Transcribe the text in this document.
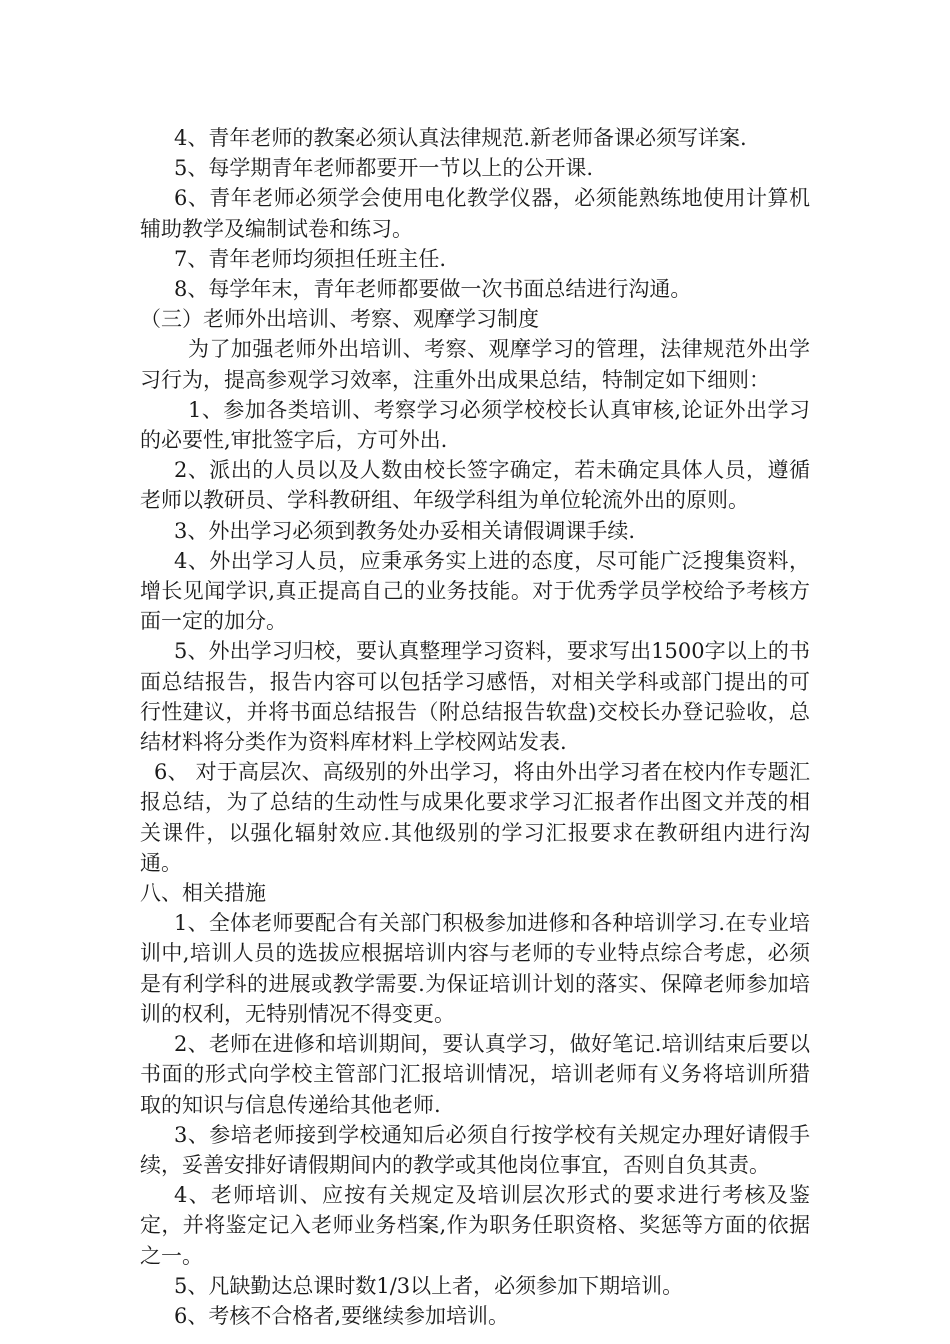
4、青年老师的教案必须认真法律规范.新老师备课必须写详案.

5、每学期青年老师都要开一节以上的公开课.

6、青年老师必须学会使用电化教学仪器，必须能熟练地使用计算机辅助教学及编制试卷和练习。

7、青年老师均须担任班主任.

8、每学年末，青年老师都要做一次书面总结进行沟通。

（三）老师外出培训、考察、观摩学习制度

为了加强老师外出培训、考察、观摩学习的管理，法律规范外出学习行为，提高参观学习效率，注重外出成果总结，特制定如下细则：

1、参加各类培训、考察学习必须学校校长认真审核,论证外出学习的必要性,审批签字后，方可外出.

2、派出的人员以及人数由校长签字确定，若未确定具体人员，遵循老师以教研员、学科教研组、年级学科组为单位轮流外出的原则。

3、外出学习必须到教务处办妥相关请假调课手续.

4、外出学习人员，应秉承务实上进的态度，尽可能广泛搜集资料，增长见闻学识,真正提高自己的业务技能。对于优秀学员学校给予考核方面一定的加分。

5、外出学习归校，要认真整理学习资料，要求写出1500字以上的书面总结报告，报告内容可以包括学习感悟，对相关学科或部门提出的可行性建议，并将书面总结报告（附总结报告软盘)交校长办登记验收，总结材料将分类作为资料库材料上学校网站发表.

6、 对于高层次、高级别的外出学习，将由外出学习者在校内作专题汇报总结，为了总结的生动性与成果化要求学习汇报者作出图文并茂的相关课件，以强化辐射效应.其他级别的学习汇报要求在教研组内进行沟通。

八、相关措施

1、全体老师要配合有关部门积极参加进修和各种培训学习.在专业培训中,培训人员的选拔应根据培训内容与老师的专业特点综合考虑，必须是有利学科的进展或教学需要.为保证培训计划的落实、保障老师参加培训的权利，无特别情况不得变更。

2、老师在进修和培训期间，要认真学习，做好笔记.培训结束后要以书面的形式向学校主管部门汇报培训情况，培训老师有义务将培训所猎取的知识与信息传递给其他老师.

3、参培老师接到学校通知后必须自行按学校有关规定办理好请假手续，妥善安排好请假期间内的教学或其他岗位事宜，否则自负其责。

4、老师培训、应按有关规定及培训层次形式的要求进行考核及鉴定，并将鉴定记入老师业务档案,作为职务任职资格、奖惩等方面的依据之一。

5、凡缺勤达总课时数1/3以上者，必须参加下期培训。

6、考核不合格者,要继续参加培训。
